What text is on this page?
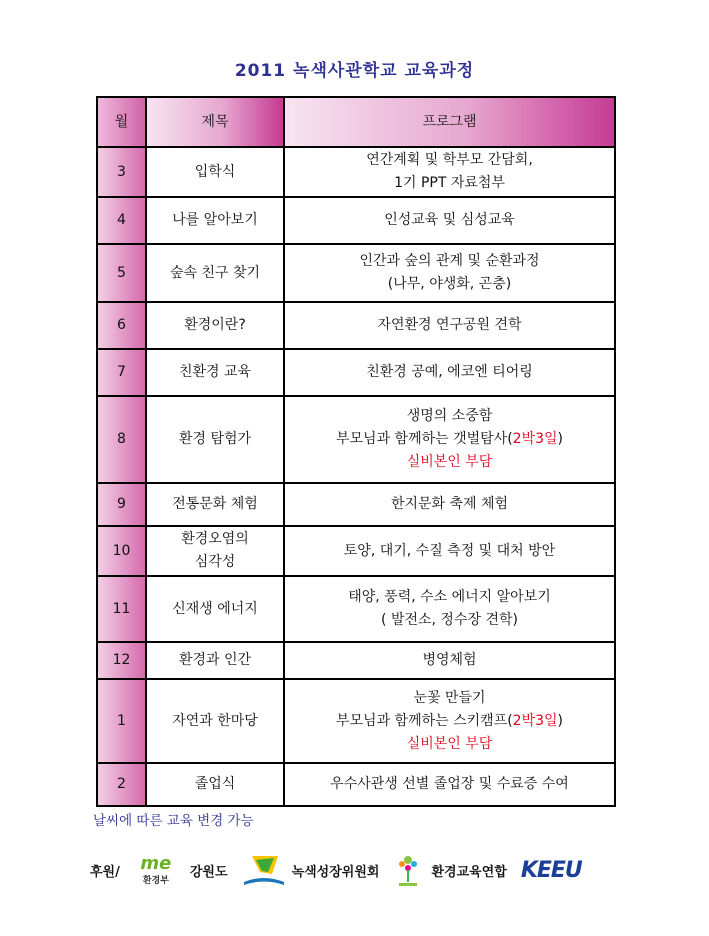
2011 녹색사관학교 교육과정
월	제목	프로그램
3	입학식	연간계획 및 학부모 간담회,
1기 PPT 자료첨부

4	나를 알아보기	인성교육 및 심성교육

5	숲속 친구 찾기	인간과 숲의 관계 및 순환과정
(나무, 야생화, 곤충)

6	환경이란?	자연환경 연구공원 견학

7	친환경 교육	친환경 공예, 에코엔 티어링

8	환경 탐험가	생명의 소중함
부모님과 함께하는 갯벌탐사(2박3일)
실비본인 부담

9	전통문화 체험	한지문화 축제 체험

10	환경오염의
심각성	토양, 대기, 수질 측정 및 대처 방안

11	신재생 에너지	태양, 풍력, 수소 에너지 알아보기
( 발전소, 정수장 견학)

12	환경과 인간	병영체험

1	자연과 한마당	눈꽃 만들기
부모님과 함께하는 스키캠프(2박3일)
실비본인 부담

2	졸업식	우수사관생 선별 졸업장 및 수료증 수여
날씨에 따른 교육 변경 가능
후원/ me
환경부
강원도	녹색성장위원회	환경교육연합 KEEU
